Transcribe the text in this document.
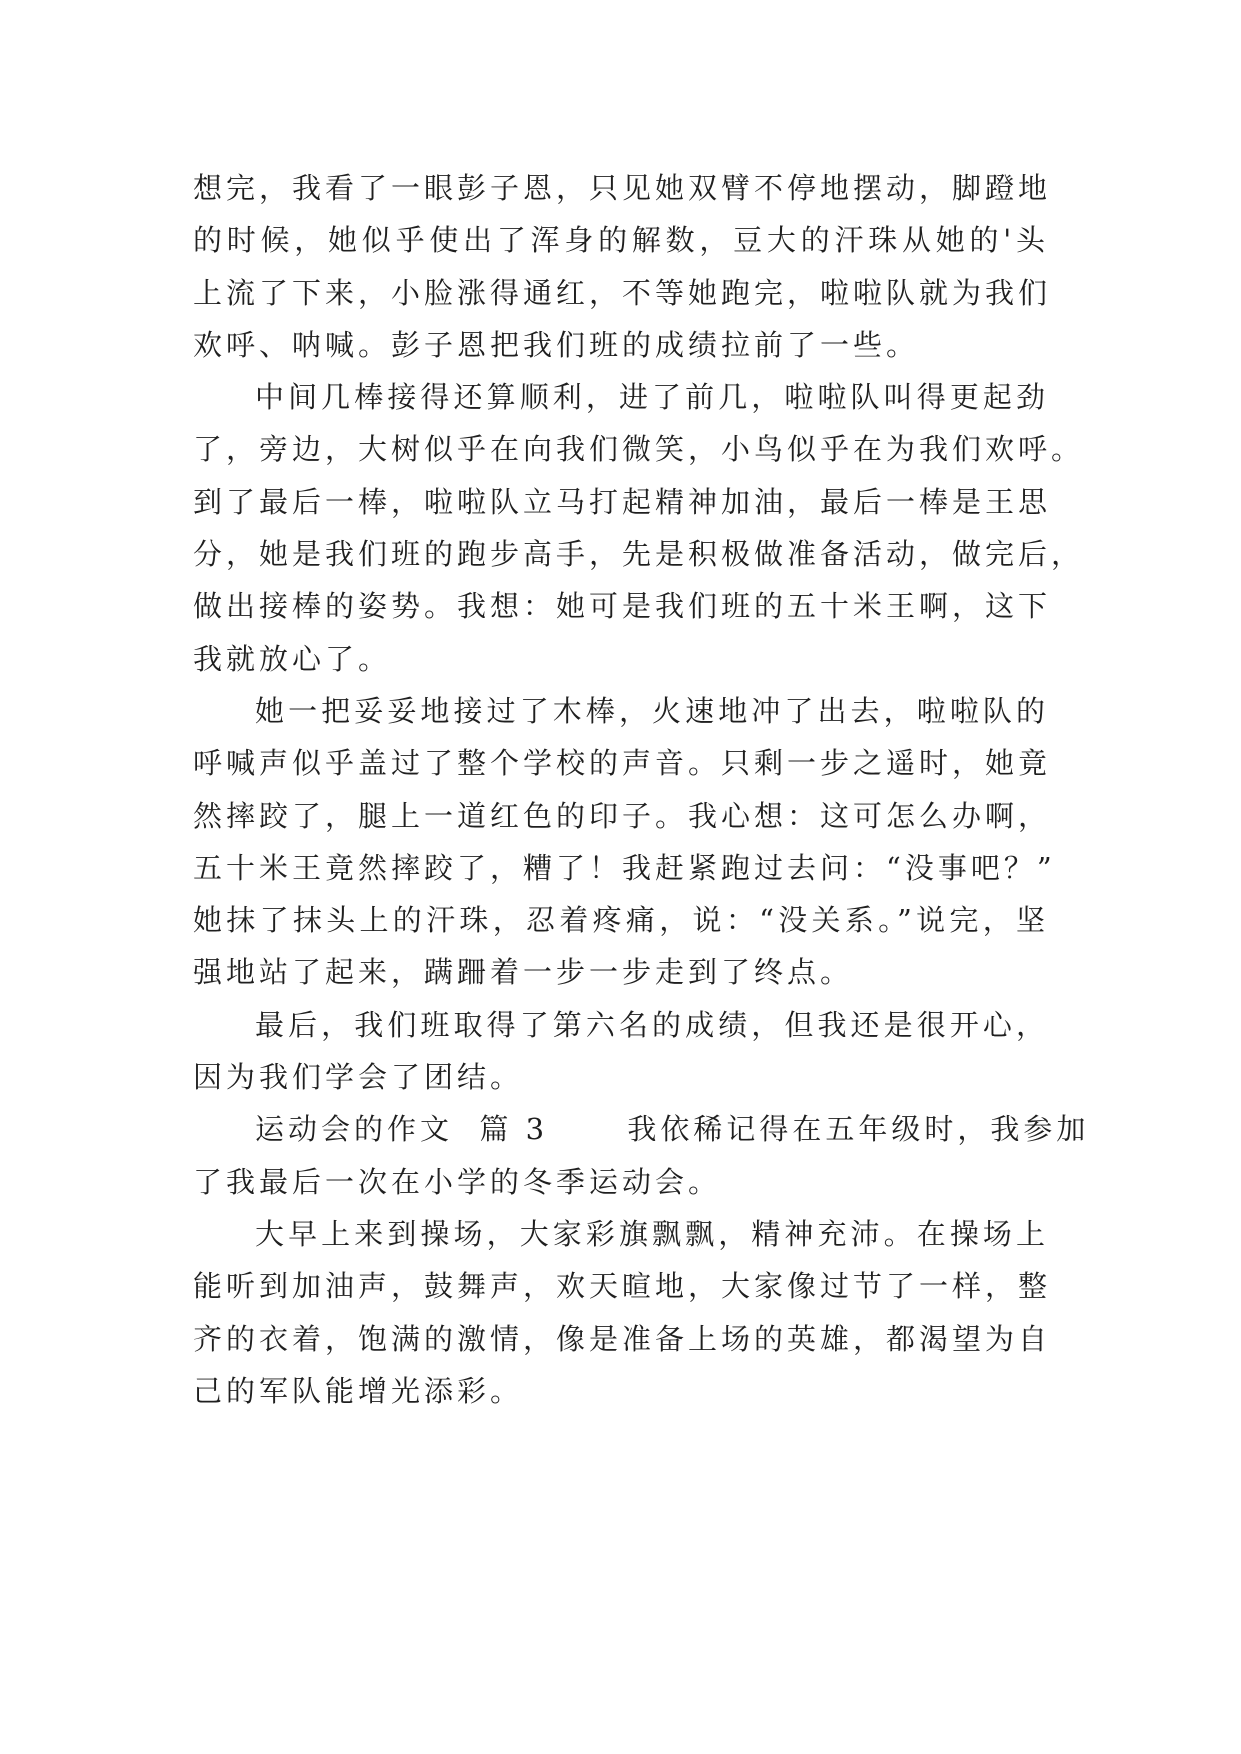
想完，我看了一眼彭子恩，只见她双臂不停地摆动，脚蹬地

的时候，她似乎使出了浑身的解数，豆大的汗珠从她的'头

上流了下来，小脸涨得通红，不等她跑完，啦啦队就为我们

欢呼、呐喊。彭子恩把我们班的成绩拉前了一些。

中间几棒接得还算顺利，进了前几，啦啦队叫得更起劲

了，旁边，大树似乎在向我们微笑，小鸟似乎在为我们欢呼。

到了最后一棒，啦啦队立马打起精神加油，最后一棒是王思

分，她是我们班的跑步高手，先是积极做准备活动，做完后，

做出接棒的姿势。我想：她可是我们班的五十米王啊，这下

我就放心了。

她一把妥妥地接过了木棒，火速地冲了出去，啦啦队的

呼喊声似乎盖过了整个学校的声音。只剩一步之遥时，她竟

然摔跤了，腿上一道红色的印子。我心想：这可怎么办啊，

五十米王竟然摔跤了，糟了！我赶紧跑过去问：“没事吧？”

她抹了抹头上的汗珠，忍着疼痛，说：“没关系。”说完，坚

强地站了起来，蹒跚着一步一步走到了终点。

最后，我们班取得了第六名的成绩，但我还是很开心，

因为我们学会了团结。

运动会的作文  篇 3      我依稀记得在五年级时，我参加

了我最后一次在小学的冬季运动会。

大早上来到操场，大家彩旗飘飘，精神充沛。在操场上

能听到加油声，鼓舞声，欢天暄地，大家像过节了一样，整

齐的衣着，饱满的激情，像是准备上场的英雄，都渴望为自

己的军队能增光添彩。
